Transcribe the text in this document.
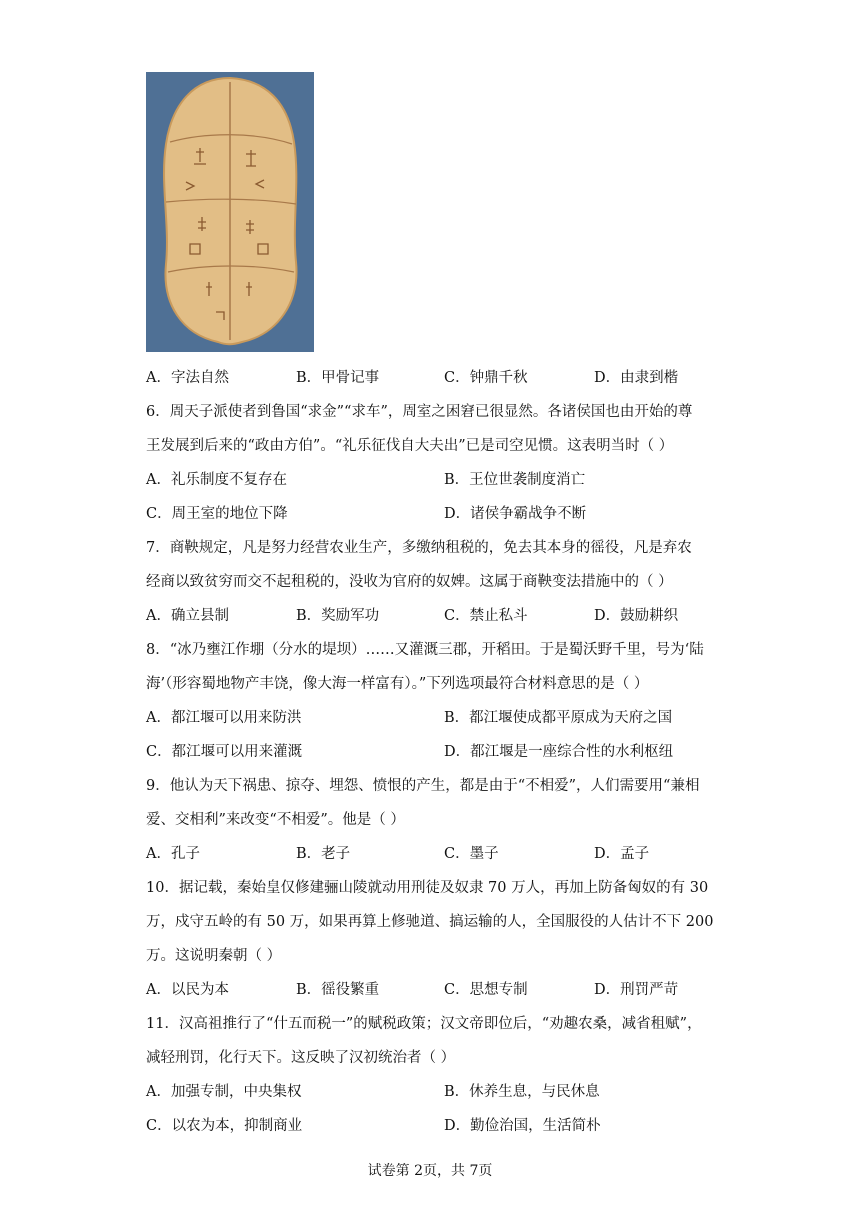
A．字法自然	B．甲骨记事	C．钟鼎千秋	D．由隶到楷
6．周天子派使者到鲁国“求金”“求车”，周室之困窘已很显然。各诸侯国也由开始的尊
王发展到后来的“政由方伯”。“礼乐征伐自大夫出”已是司空见惯。这表明当时（ ）
A．礼乐制度不复存在	B．王位世袭制度消亡
C．周王室的地位下降	D．诸侯争霸战争不断
7．商鞅规定，凡是努力经营农业生产，多缴纳租税的，免去其本身的徭役，凡是弃农
经商以致贫穷而交不起租税的，没收为官府的奴婢。这属于商鞅变法措施中的（ ）
A．确立县制	B．奖励军功	C．禁止私斗	D．鼓励耕织
8．“冰乃壅江作堋（分水的堤坝）……又灌溉三郡，开稻田。于是蜀沃野千里，号为‘陆
海’（形容蜀地物产丰饶，像大海一样富有）。”下列选项最符合材料意思的是（ ）
A．都江堰可以用来防洪	B．都江堰使成都平原成为天府之国
C．都江堰可以用来灌溉	D．都江堰是一座综合性的水利枢纽
9．他认为天下祸患、掠夺、埋怨、愤恨的产生，都是由于“不相爱”，人们需要用“兼相
爱、交相利”来改变“不相爱”。他是（ ）
A．孔子	B．老子	C．墨子	D．孟子
10．据记载，秦始皇仅修建骊山陵就动用刑徒及奴隶 70 万人，再加上防备匈奴的有 30
万，戍守五岭的有 50 万，如果再算上修驰道、搞运输的人，全国服役的人估计不下 200
万。这说明秦朝（ ）
A．以民为本	B．徭役繁重	C．思想专制	D．刑罚严苛
11．汉高祖推行了“什五而税一”的赋税政策；汉文帝即位后，“劝趣农桑，减省租赋”，
减轻刑罚，化行天下。这反映了汉初统治者（ ）
A．加强专制，中央集权	B．休养生息，与民休息
C．以农为本，抑制商业	D．勤俭治国，生活简朴
试卷第 2页，共 7页
